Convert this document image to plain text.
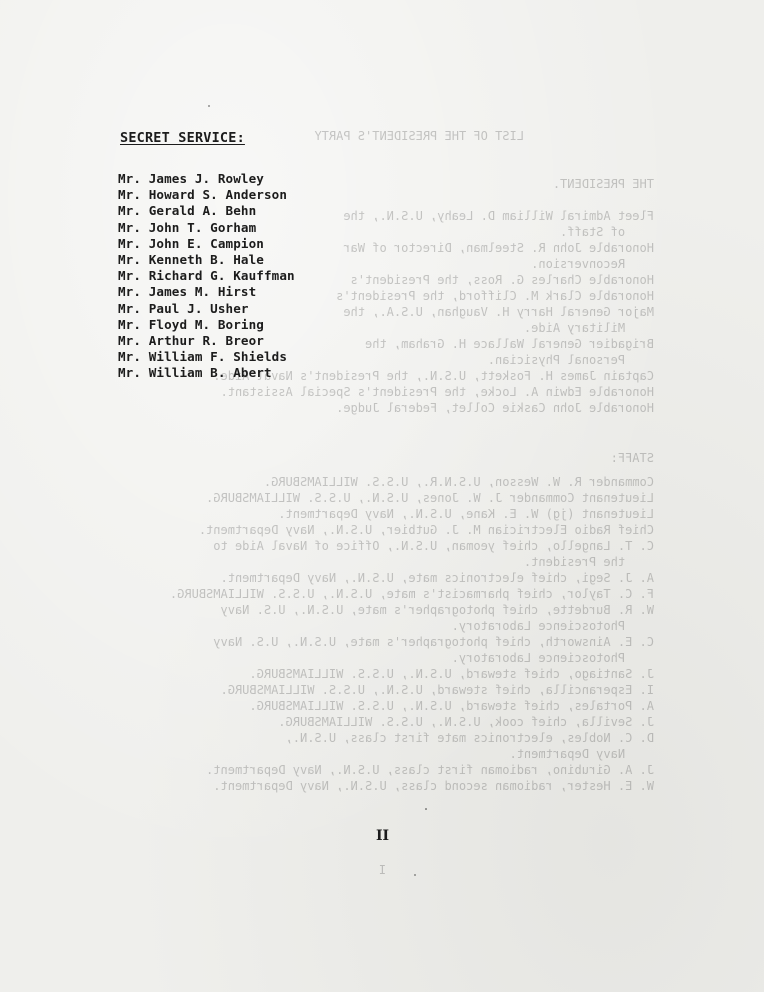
LIST OF THE PRESIDENT'S PARTY
THE PRESIDENT.
Fleet Admiral William D. Leahy, U.S.N., the
of Staff.
Honorable John R. Steelman, Director of War
Reconversion.
Honorable Charles G. Ross, the President's
Honorable Clark M. Clifford, the President's
Major General Harry H. Vaughan, U.S.A., the
Military Aide.
Brigadier General Wallace H. Graham, the
Personal Physician.
Captain James H. Foskett, U.S.N., the President's Naval Aide.
Honorable Edwin A. Locke, the President's Special Assistant.
Honorable John Caskie Collet, Federal Judge.
STAFF:
Commander R. W. Wesson, U.S.N.R., U.S.S. WILLIAMSBURG.
Lieutenant Commander J. W. Jones, U.S.N., U.S.S. WILLIAMSBURG.
Lieutenant (jg) W. E. Kane, U.S.N., Navy Department.
Chief Radio Electrician M. J. Gutbier, U.S.N., Navy Department.
C. T. Langello, chief yeoman, U.S.N., Office of Naval Aide to
the President.
A. J. Segi, chief electronics mate, U.S.N., Navy Department.
F. C. Taylor, chief pharmacist's mate, U.S.N., U.S.S. WILLIAMSBURG.
W. R. Burdette, chief photographer's mate, U.S.N., U.S. Navy
Photoscience Laboratory.
C. E. Ainsworth, chief photographer's mate, U.S.N., U.S. Navy
Photoscience Laboratory.
J. Santiago, chief steward, U.S.N., U.S.S. WILLIAMSBURG.
I. Esperancilla, chief steward, U.S.N., U.S.S. WILLIAMSBURG.
A. Portales, chief steward, U.S.N., U.S.S. WILLIAMSBURG.
J. Sevilla, chief cook, U.S.N., U.S.S. WILLIAMSBURG.
D. C. Nobles, electronics mate first class, U.S.N.,
Navy Department.
J. A. Girubino, radioman first class, U.S.N., Navy Department.
W. E. Hester, radioman second class, U.S.N., Navy Department.
I
SECRET SERVICE:
Mr. James J. Rowley
Mr. Howard S. Anderson
Mr. Gerald A. Behn
Mr. John T. Gorham
Mr. John E. Campion
Mr. Kenneth B. Hale
Mr. Richard G. Kauffman
Mr. James M. Hirst
Mr. Paul J. Usher
Mr. Floyd M. Boring
Mr. Arthur R. Breor
Mr. William F. Shields
Mr. William B. Abert
II
